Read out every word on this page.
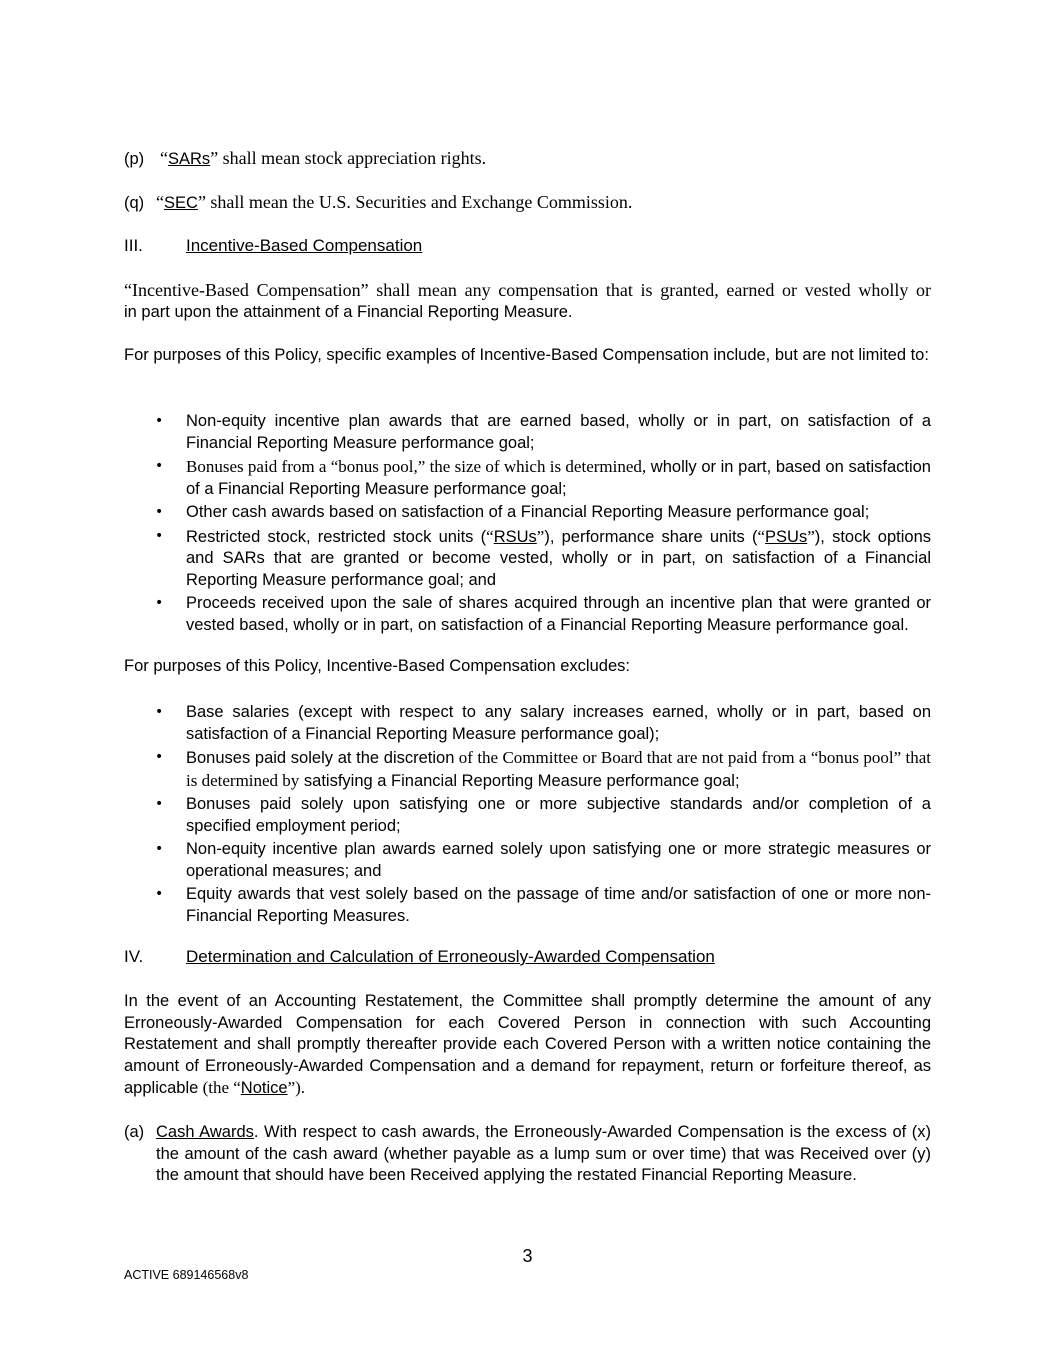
(p) “SARs” shall mean stock appreciation rights.
(q) “SEC” shall mean the U.S. Securities and Exchange Commission.
III.	Incentive-Based Compensation
“Incentive-Based Compensation” shall mean any compensation that is granted, earned or vested wholly or
in part upon the attainment of a Financial Reporting Measure.
For purposes of this Policy, specific examples of Incentive-Based Compensation include, but are not limited to:
• Non-equity incentive plan awards that are earned based, wholly or in part, on satisfaction of a Financial Reporting Measure performance goal;
• Bonuses paid from a “bonus pool,” the size of which is determined, wholly or in part, based on satisfaction of a Financial Reporting Measure performance goal;
• Other cash awards based on satisfaction of a Financial Reporting Measure performance goal;
• Restricted stock, restricted stock units (“RSUs”), performance share units (“PSUs”), stock options and SARs that are granted or become vested, wholly or in part, on satisfaction of a Financial Reporting Measure performance goal; and
• Proceeds received upon the sale of shares acquired through an incentive plan that were granted or vested based, wholly or in part, on satisfaction of a Financial Reporting Measure performance goal.
For purposes of this Policy, Incentive-Based Compensation excludes:
• Base salaries (except with respect to any salary increases earned, wholly or in part, based on satisfaction of a Financial Reporting Measure performance goal);
• Bonuses paid solely at the discretion of the Committee or Board that are not paid from a “bonus pool” that is determined by satisfying a Financial Reporting Measure performance goal;
• Bonuses paid solely upon satisfying one or more subjective standards and/or completion of a specified employment period;
• Non-equity incentive plan awards earned solely upon satisfying one or more strategic measures or operational measures; and
• Equity awards that vest solely based on the passage of time and/or satisfaction of one or more non-Financial Reporting Measures.
IV.	Determination and Calculation of Erroneously-Awarded Compensation
In the event of an Accounting Restatement, the Committee shall promptly determine the amount of any Erroneously-Awarded Compensation for each Covered Person in connection with such Accounting Restatement and shall promptly thereafter provide each Covered Person with a written notice containing the amount of Erroneously-Awarded Compensation and a demand for repayment, return or forfeiture thereof, as applicable (the “Notice”).
(a) Cash Awards. With respect to cash awards, the Erroneously-Awarded Compensation is the excess of (x) the amount of the cash award (whether payable as a lump sum or over time) that was Received over (y) the amount that should have been Received applying the restated Financial Reporting Measure.
3
ACTIVE 689146568v8
